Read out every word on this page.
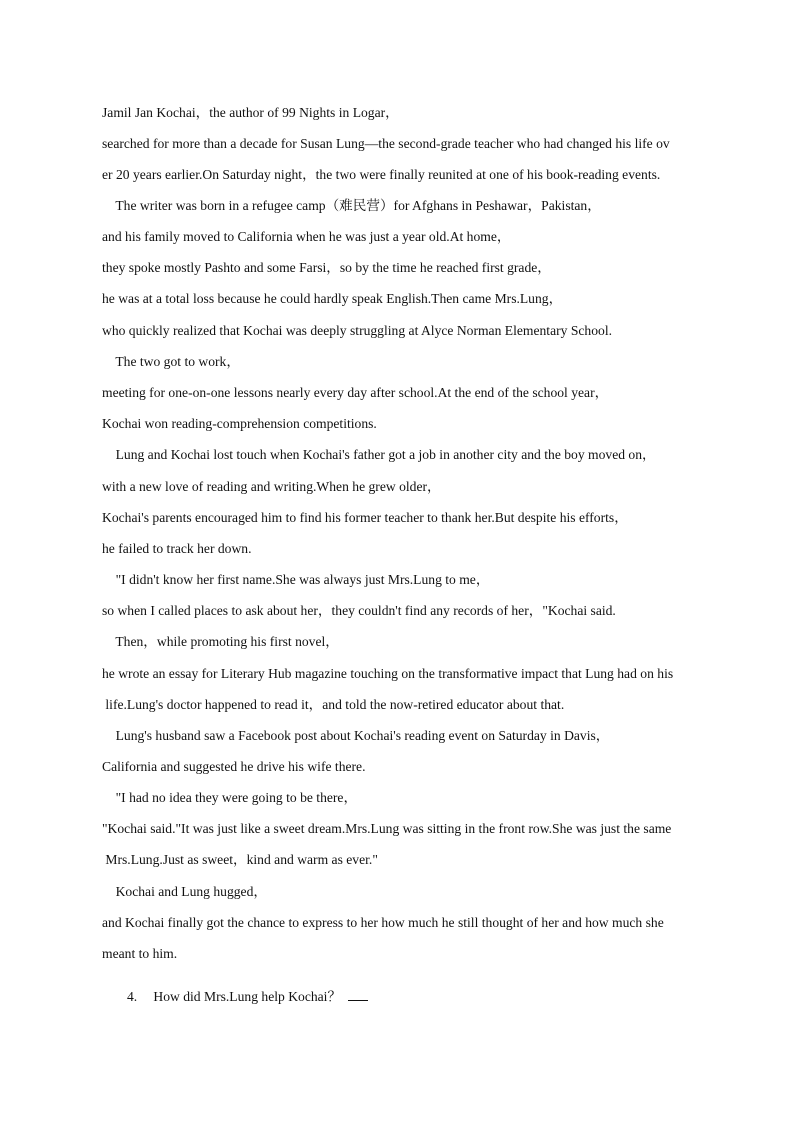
Jamil Jan Kochai，the author of 99 Nights in Logar，
searched for more than a decade for Susan Lung—the second-grade teacher who had changed his life ov
er 20 years earlier.On Saturday night，the two were finally reunited at one of his book-reading events.
The writer was born in a refugee camp（难民营）for Afghans in Peshawar，Pakistan，
and his family moved to California when he was just a year old.At home，
they spoke mostly Pashto and some Farsi，so by the time he reached first grade，
he was at a total loss because he could hardly speak English.Then came Mrs.Lung，
who quickly realized that Kochai was deeply struggling at Alyce Norman Elementary School.
The two got to work，
meeting for one-on-one lessons nearly every day after school.At the end of the school year，
Kochai won reading-comprehension competitions.
Lung and Kochai lost touch when Kochai's father got a job in another city and the boy moved on，
with a new love of reading and writing.When he grew older，
Kochai's parents encouraged him to find his former teacher to thank her.But despite his efforts，
he failed to track her down.
"I didn't know her first name.She was always just Mrs.Lung to me，
so when I called places to ask about her，they couldn't find any records of her，"Kochai said.
Then，while promoting his first novel，
he wrote an essay for Literary Hub magazine touching on the transformative impact that Lung had on his
life.Lung's doctor happened to read it，and told the now-retired educator about that.
Lung's husband saw a Facebook post about Kochai's reading event on Saturday in Davis，
California and suggested he drive his wife there.
"I had no idea they were going to be there，
"Kochai said."It was just like a sweet dream.Mrs.Lung was sitting in the front row.She was just the same
Mrs.Lung.Just as sweet，kind and warm as ever."
Kochai and Lung hugged，
and Kochai finally got the chance to express to her how much he still thought of her and how much she
meant to him.
4. How did Mrs.Lung help Kochai？
